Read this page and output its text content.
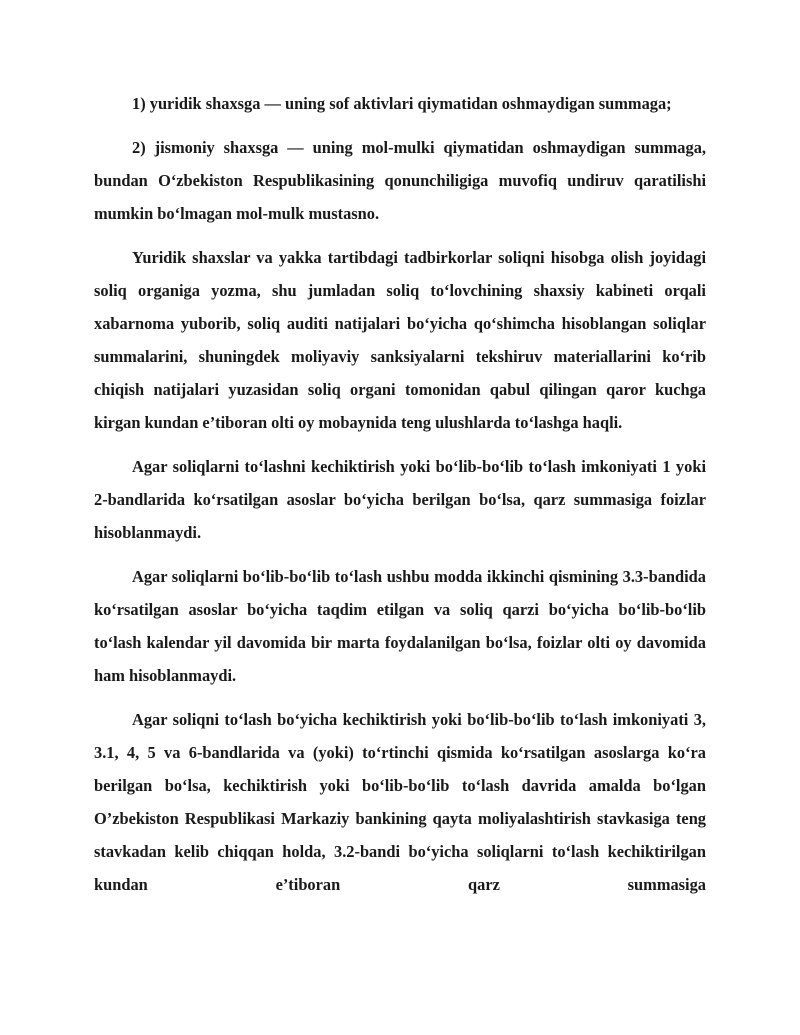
1) yuridik shaxsga — uning sof aktivlari qiymatidan oshmaydigan summaga;

2) jismoniy shaxsga — uning mol-mulki qiymatidan oshmaydigan summaga, bundan O‘zbekiston Respublikasining qonunchiligiga muvofiq undiruv qaratilishi mumkin bo‘lmagan mol-mulk mustasno.

Yuridik shaxslar va yakka tartibdagi tadbirkorlar soliqni hisobga olish joyidagi soliq organiga yozma, shu jumladan soliq to‘lovchining shaxsiy kabineti orqali xabarnoma yuborib, soliq auditi natijalari bo‘yicha qo‘shimcha hisoblangan soliqlar summalarini, shuningdek moliyaviy sanksiyalarni tekshiruv materiallarini ko‘rib chiqish natijalari yuzasidan soliq organi tomonidan qabul qilingan qaror kuchga kirgan kundan e’tiboran olti oy mobaynida teng ulushlarda to‘lashga haqli.

Agar soliqlarni to‘lashni kechiktirish yoki bo‘lib-bo‘lib to‘lash imkoniyati 1 yoki 2-bandlarida ko‘rsatilgan asoslar bo‘yicha berilgan bo‘lsa, qarz summasiga foizlar hisoblanmaydi.

Agar soliqlarni bo‘lib-bo‘lib to‘lash ushbu modda ikkinchi qismining 3.3-bandida ko‘rsatilgan asoslar bo‘yicha taqdim etilgan va soliq qarzi bo‘yicha bo‘lib-bo‘lib to‘lash kalendar yil davomida bir marta foydalanilgan bo‘lsa, foizlar olti oy davomida ham hisoblanmaydi.

Agar soliqni to‘lash bo‘yicha kechiktirish yoki bo‘lib-bo‘lib to‘lash imkoniyati 3, 3.1, 4, 5 va 6-bandlarida va (yoki) to‘rtinchi qismida ko‘rsatilgan asoslarga ko‘ra berilgan bo‘lsa, kechiktirish yoki bo‘lib-bo‘lib to‘lash davrida amalda bo‘lgan O’zbekiston Respublikasi Markaziy bankining qayta moliyalashtirish stavkasiga teng stavkadan kelib chiqqan holda, 3.2-bandi bo‘yicha soliqlarni to‘lash kechiktirilgan kundan e’tiboran qarz summasiga
